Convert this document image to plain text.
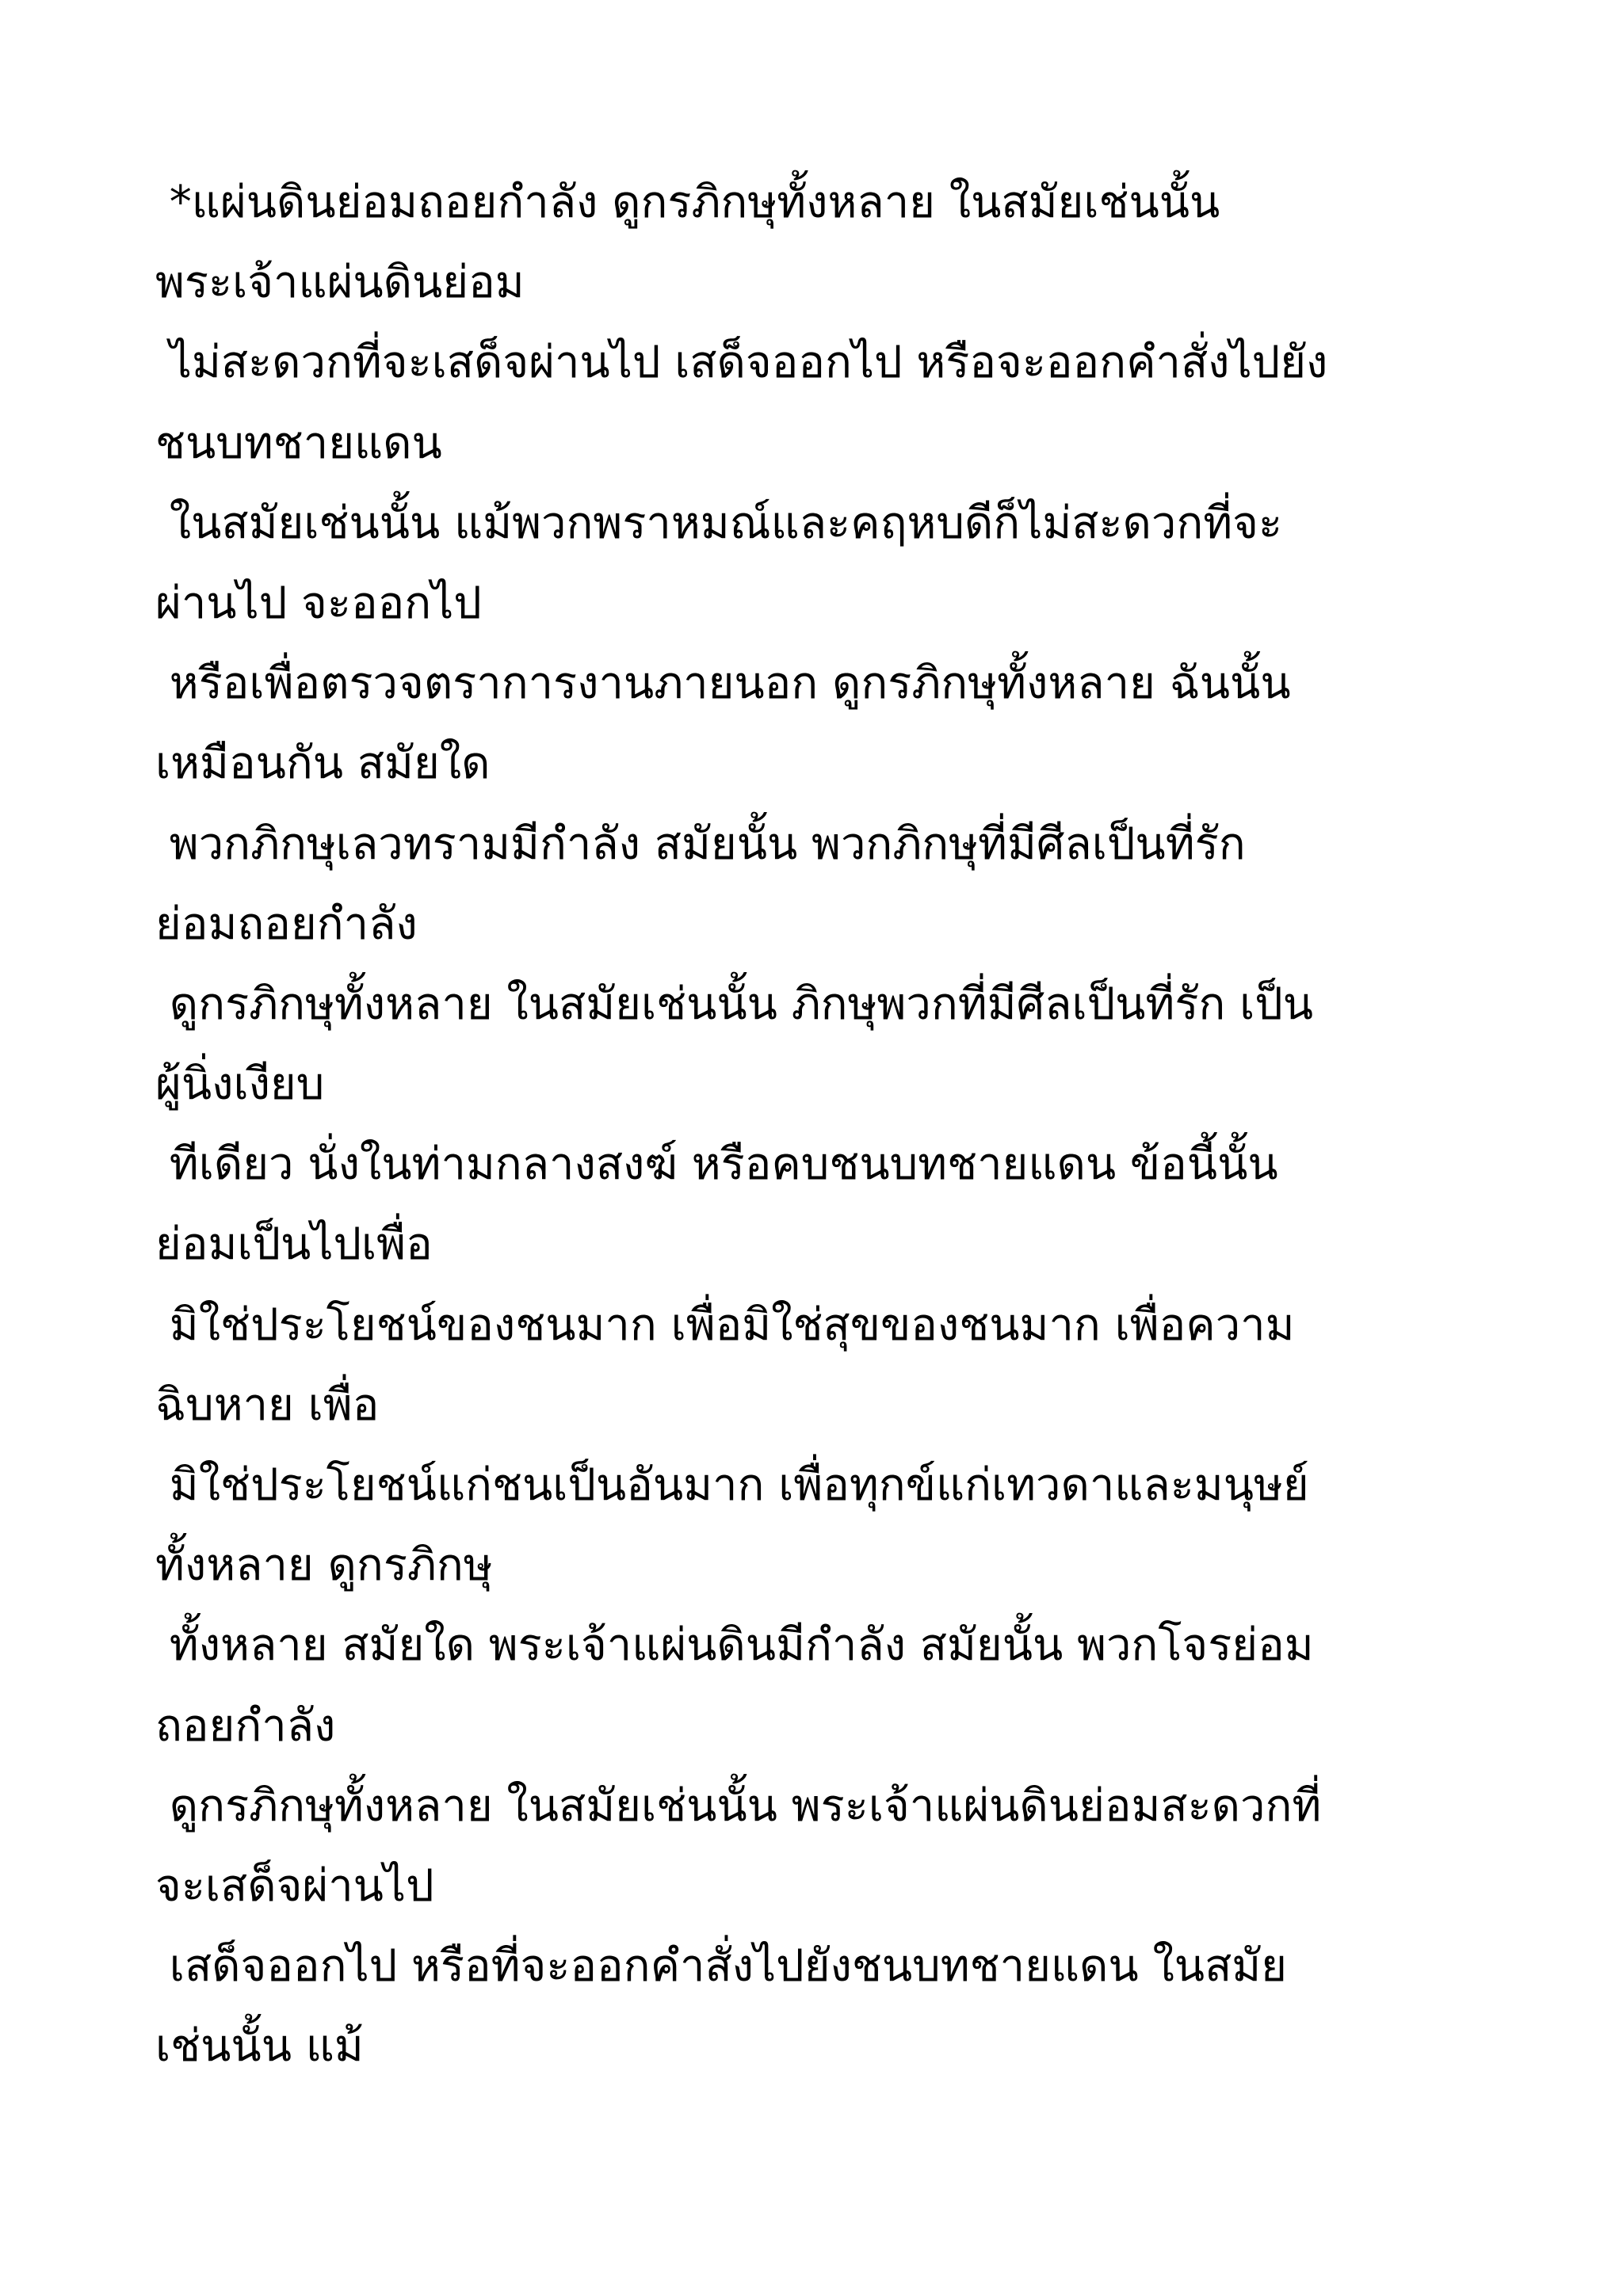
*แผ่นดินย่อมถอยกำลัง ดูกรภิกษุทั้งหลาย ในสมัยเช่นนั้น
พระเจ้าแผ่นดินย่อม
ไม่สะดวกที่จะเสด็จผ่านไป เสด็จออกไป หรือจะออกคำสั่งไปยัง
ชนบทชายแดน
ในสมัยเช่นนั้น แม้พวกพราหมณ์และคฤหบดีก็ไม่สะดวกที่จะ
ผ่านไป จะออกไป
หรือเพื่อตรวจตราการงานภายนอก ดูกรภิกษุทั้งหลาย ฉันนั้น
เหมือนกัน สมัยใด
พวกภิกษุเลวทรามมีกำลัง สมัยนั้น พวกภิกษุที่มีศีลเป็นที่รัก
ย่อมถอยกำลัง
ดูกรภิกษุทั้งหลาย ในสมัยเช่นนั้น ภิกษุพวกที่มีศีลเป็นที่รัก เป็น
ผู้นิ่งเงียบ
ทีเดียว นั่งในท่ามกลางสงฆ์ หรือคบชนบทชายแดน ข้อนี้นั้น
ย่อมเป็นไปเพื่อ
มิใช่ประโยชน์ของชนมาก เพื่อมิใช่สุขของชนมาก เพื่อความ
ฉิบหาย เพื่อ
มิใช่ประโยชน์แก่ชนเป็นอันมาก เพื่อทุกข์แก่เทวดาและมนุษย์
ทั้งหลาย ดูกรภิกษุ
ทั้งหลาย สมัยใด พระเจ้าแผ่นดินมีกำลัง สมัยนั้น พวกโจรย่อม
ถอยกำลัง
ดูกรภิกษุทั้งหลาย ในสมัยเช่นนั้น พระเจ้าแผ่นดินย่อมสะดวกที่
จะเสด็จผ่านไป
เสด็จออกไป หรือที่จะออกคำสั่งไปยังชนบทชายแดน ในสมัย
เช่นนั้น แม้
